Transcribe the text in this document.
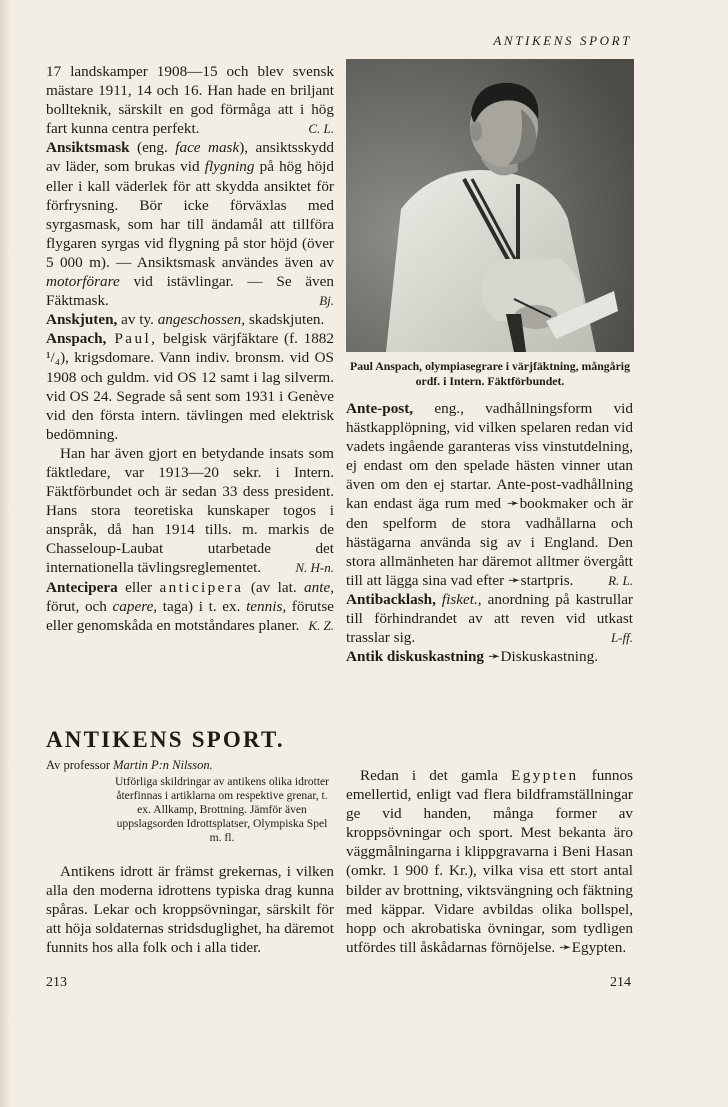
ANTIKENS SPORT

17 landskamper 1908—15 och blev svensk mästare 1911, 14 och 16. Han hade en briljant bollteknik, särskilt en god förmåga att i hög fart kunna centra perfekt.	C. L.

Ansiktsmask (eng. face mask), ansiktsskydd av läder, som brukas vid flygning på hög höjd eller i kall väderlek för att skydda ansiktet för förfrysning. Bör icke förväxlas med syrgasmask, som har till ändamål att tillföra flygaren syrgas vid flygning på stor höjd (över 5 000 m). — Ansiktsmask användes även av motorförare vid istävlingar. — Se även Fäktmask.	Bj.

Anskjuten, av ty. angeschossen, skadskjuten.

Anspach, Paul, belgisk värjfäktare (f. 1882 ¹/₄), krigsdomare. Vann indiv. bronsm. vid OS 1908 och guldm. vid OS 12 samt i lag silverm. vid OS 24. Segrade så sent som 1931 i Genève vid den första intern. tävlingen med elektrisk bedömning.

Han har även gjort en betydande insats som fäktledare, var 1913—20 sekr. i Intern. Fäktförbundet och är sedan 33 dess president. Hans stora teoretiska kunskaper togos i anspråk, då han 1914 tills. m. markis de Chasseloup-Laubat utarbetade det internationella tävlingsreglementet.	N. H-n.

Antecipera eller anticipera (av lat. ante, förut, och capere, taga) i t. ex. tennis, förutse eller genomskåda en motståndares planer. K. Z.

Paul Anspach, olympiasegrare i värjfäktning, mångårig ordf. i Intern. Fäktförbundet.

Ante-post, eng., vadhållningsform vid hästkapplöpning, vid vilken spelaren redan vid vadets ingående garanteras viss vinstutdelning, ej endast om den spelade hästen vinner utan även om den ej startar. Ante-post-vadhållning kan endast äga rum med ➛bookmaker och är den spelform de stora vadhållarna och hästägarna använda sig av i England. Den stora allmänheten har däremot alltmer övergått till att lägga sina vad efter ➛startpris.	R. L.

Antibacklash, fisket., anordning på kastrullar till förhindrandet av att reven vid utkast trasslar sig.	L-ff.

Antik diskuskastning ➛Diskuskastning.

ANTIKENS SPORT.
Av professor Martin P:n Nilsson.
Utförliga skildringar av antikens olika idrotter återfinnas i artiklarna om respektive grenar, t. ex. Allkamp, Brottning. Jämför även uppslagsorden Idrottsplatser, Olympiska Spel m. fl.

Antikens idrott är främst grekernas, i vilken alla den moderna idrottens typiska drag kunna spåras. Lekar och kroppsövningar, särskilt för att höja soldaternas stridsduglighet, ha däremot funnits hos alla folk och i alla tider.

Redan i det gamla Egypten funnos emellertid, enligt vad flera bildframställningar ge vid handen, många former av kroppsövningar och sport. Mest bekanta äro väggmålningarna i klippgravarna i Beni Hasan (omkr. 1 900 f. Kr.), vilka visa ett stort antal bilder av brottning, viktsvängning och fäktning med käppar. Vidare avbildas olika bollspel, hopp och akrobatiska övningar, som tydligen utfördes till åskådarnas förnöjelse. ➛Egypten.

213	214
